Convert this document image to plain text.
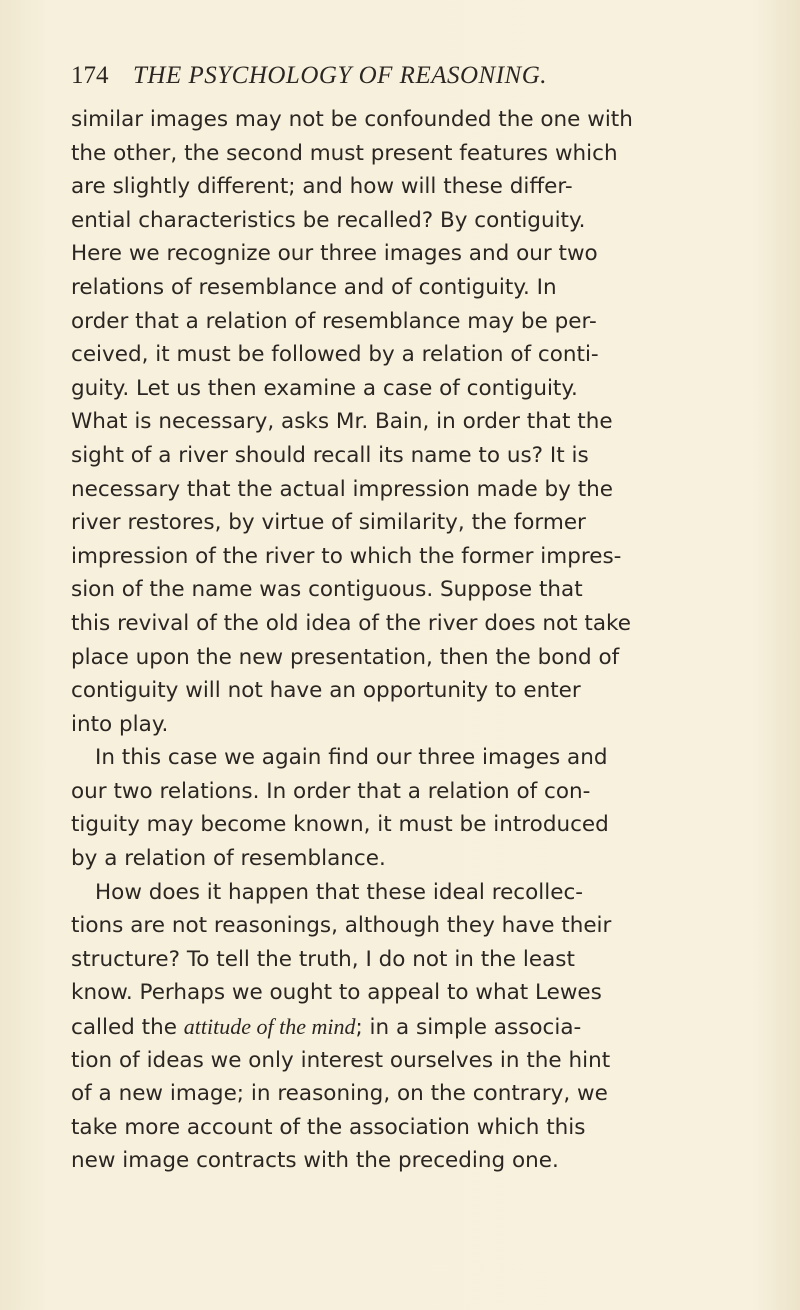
174 THE PSYCHOLOGY OF REASONING.
similar images may not be confounded the one with
the other, the second must present features which
are slightly different; and how will these differ-
ential characteristics be recalled? By contiguity.
Here we recognize our three images and our two
relations of resemblance and of contiguity. In
order that a relation of resemblance may be per-
ceived, it must be followed by a relation of conti-
guity. Let us then examine a case of contiguity.
What is necessary, asks Mr. Bain, in order that the
sight of a river should recall its name to us? It is
necessary that the actual impression made by the
river restores, by virtue of similarity, the former
impression of the river to which the former impres-
sion of the name was contiguous. Suppose that
this revival of the old idea of the river does not take
place upon the new presentation, then the bond of
contiguity will not have an opportunity to enter
into play.
In this case we again find our three images and
our two relations. In order that a relation of con-
tiguity may become known, it must be introduced
by a relation of resemblance.
How does it happen that these ideal recollec-
tions are not reasonings, although they have their
structure? To tell the truth, I do not in the least
know. Perhaps we ought to appeal to what Lewes
called the attitude of the mind; in a simple associa-
tion of ideas we only interest ourselves in the hint
of a new image; in reasoning, on the contrary, we
take more account of the association which this
new image contracts with the preceding one.
